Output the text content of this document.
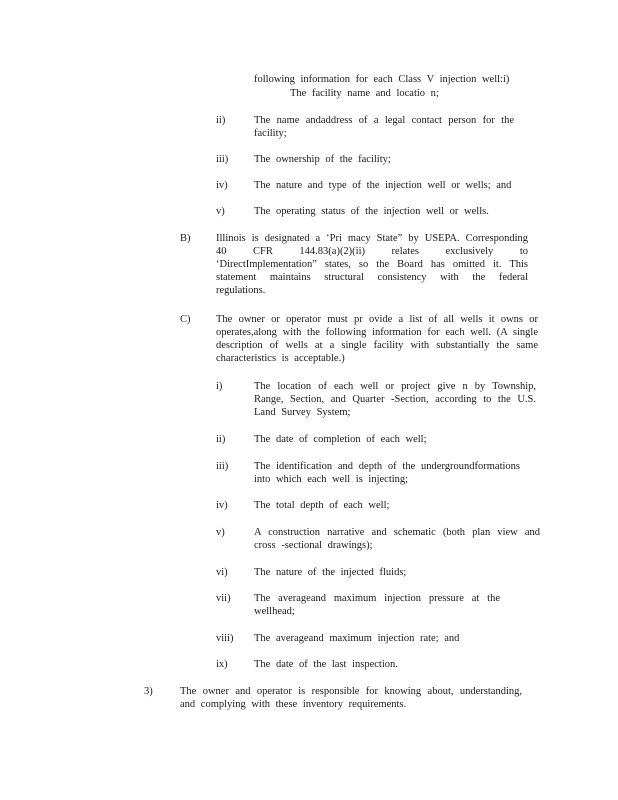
following information for each Class V injection well:i)

The facility name and locatio n;

ii)	The name andaddress of a legal contact person for the facility;

iii) The ownership of the facility;

iv)	The nature and type of the injection well or wells; and

v)	The operating status of the injection well or wells.

B) Illinois is designated a ‘Pri macy State” by USEPA. Corresponding 40 CFR 144.83(a)(2)(ii) relates exclusively to ‘DirectImplementation” states, so the Board has omitted it. This statement maintains structural consistency with the federal regulations.

C) The owner or operator must pr ovide a list of all wells it owns or operates,along with the following information for each well. (A single description of wells at a single facility with substantially the same characteristics is acceptable.)

i)	The location of each well or project give n by Township, Range, Section, and Quarter -Section, according to the U.S. Land Survey System;

ii)	The date of completion of each well;

iii) The identification and depth of the undergroundformations into which each well is injecting;

iv)	The total depth of each well;

v)	A construction narrative and schematic (both plan view and cross -sectional drawings);

vi)	The nature of the injected fluids;

vii) The averageand maximum injection pressure at the wellhead;

viii) The averageand maximum injection rate; and

ix)	The date of the last inspection.

3)	The owner and operator is responsible for knowing about, understanding, and complying with these inventory requirements.
